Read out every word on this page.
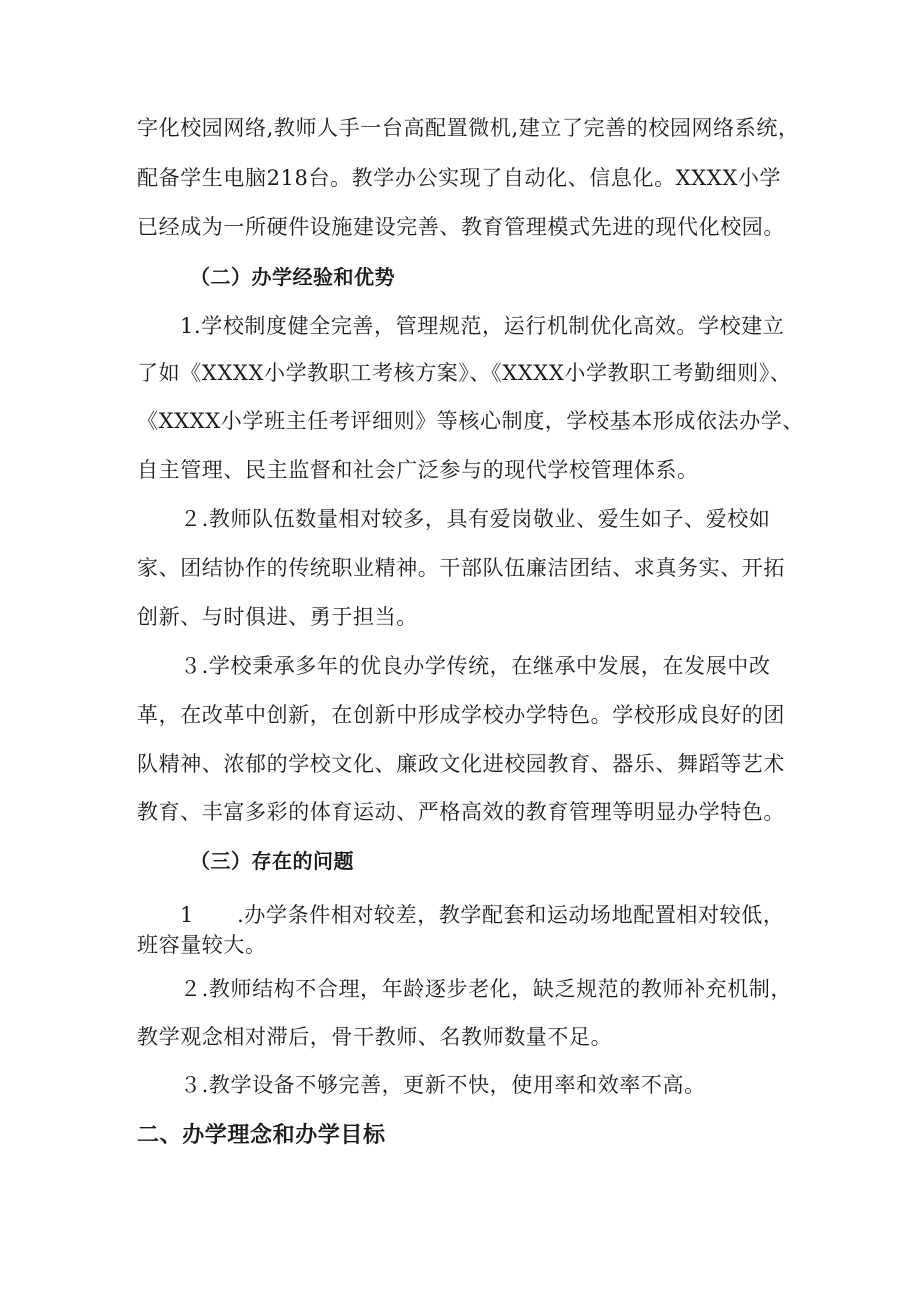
字化校园网络,教师人手一台高配置微机,建立了完善的校园网络系统，
配备学生电脑218台。教学办公实现了自动化、信息化。XXXX小学
已经成为一所硬件设施建设完善、教育管理模式先进的现代化校园。
（二）办学经验和优势
1.学校制度健全完善，管理规范，运行机制优化高效。学校建立
了如《XXXX小学教职工考核方案》、《XXXX小学教职工考勤细则》、
《XXXX小学班主任考评细则》等核心制度，学校基本形成依法办学、
自主管理、民主监督和社会广泛参与的现代学校管理体系。
２.教师队伍数量相对较多，具有爱岗敬业、爱生如子、爱校如
家、团结协作的传统职业精神。干部队伍廉洁团结、求真务实、开拓
创新、与时俱进、勇于担当。
３.学校秉承多年的优良办学传统，在继承中发展，在发展中改
革，在改革中创新，在创新中形成学校办学特色。学校形成良好的团
队精神、浓郁的学校文化、廉政文化进校园教育、器乐、舞蹈等艺术
教育、丰富多彩的体育运动、严格高效的教育管理等明显办学特色。
（三）存在的问题
1　　.办学条件相对较差，教学配套和运动场地配置相对较低，
班容量较大。
２.教师结构不合理，年龄逐步老化，缺乏规范的教师补充机制，
教学观念相对滞后，骨干教师、名教师数量不足。
３.教学设备不够完善，更新不快，使用率和效率不高。
二、办学理念和办学目标
